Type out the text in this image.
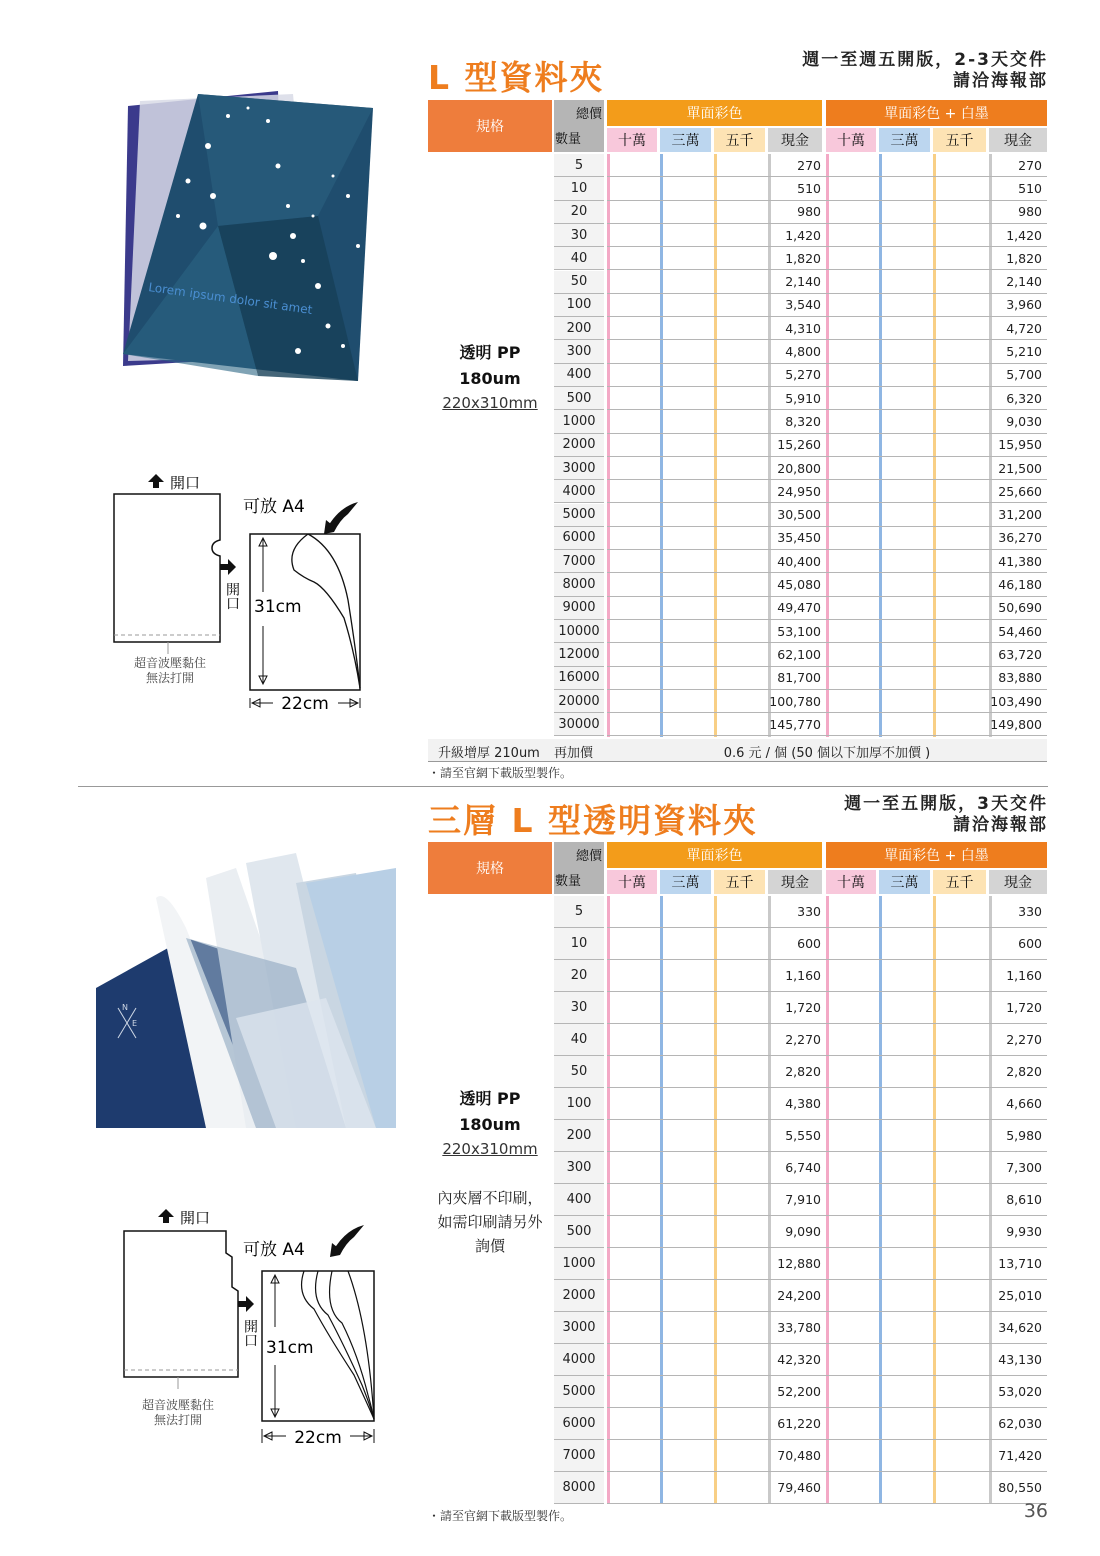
L 型資料夾	週一至週五開版，2-3天交件
請洽海報部
Lorem ipsum dolor sit amet
開口
超音波壓黏住
無法打開
開口
可放 A4
31cm
22cm
規格
總價
數量
單面彩色	單面彩色 + 白墨
十萬	三萬	五千	現金	十萬	三萬	五千	現金
5	270	270
10	510	510
20	980	980
30	1,420	1,420
40	1,820	1,820
50	2,140	2,140
100	3,540	3,960
200	4,310	4,720
300	4,800	5,210
400	5,270	5,700
500	5,910	6,320
1000	8,320	9,030
2000	15,260	15,950
3000	20,800	21,500
4000	24,950	25,660
5000	30,500	31,200
6000	35,450	36,270
7000	40,400	41,380
8000	45,080	46,180
9000	49,470	50,690
10000	53,100	54,460
12000	62,100	63,720
16000	81,700	83,880
20000	100,780	103,490
30000	145,770	149,800
透明 PP
180um
220x310mm
升級增厚 210um 再加價	0.6 元 / 個 (50 個以下加厚不加價 )
・請至官網下載版型製作。
三層 L 型透明資料夾	週一至五開版，3天交件
請洽海報部
N
E
開口
超音波壓黏住
無法打開
開口
可放 A4
31cm
22cm
規格
總價
數量
單面彩色	單面彩色 + 白墨
十萬	三萬	五千	現金	十萬	三萬	五千	現金
5	330	330
10	600	600
20	1,160	1,160
30	1,720	1,720
40	2,270	2,270
50	2,820	2,820
100	4,380	4,660
200	5,550	5,980
300	6,740	7,300
400	7,910	8,610
500	9,090	9,930
1000	12,880	13,710
2000	24,200	25,010
3000	33,780	34,620
4000	42,320	43,130
5000	52,200	53,020
6000	61,220	62,030
7000	70,480	71,420
8000	79,460	80,550
透明 PP
180um
220x310mm
內夾層不印刷，
如需印刷請另外
詢價
・請至官網下載版型製作。	36
